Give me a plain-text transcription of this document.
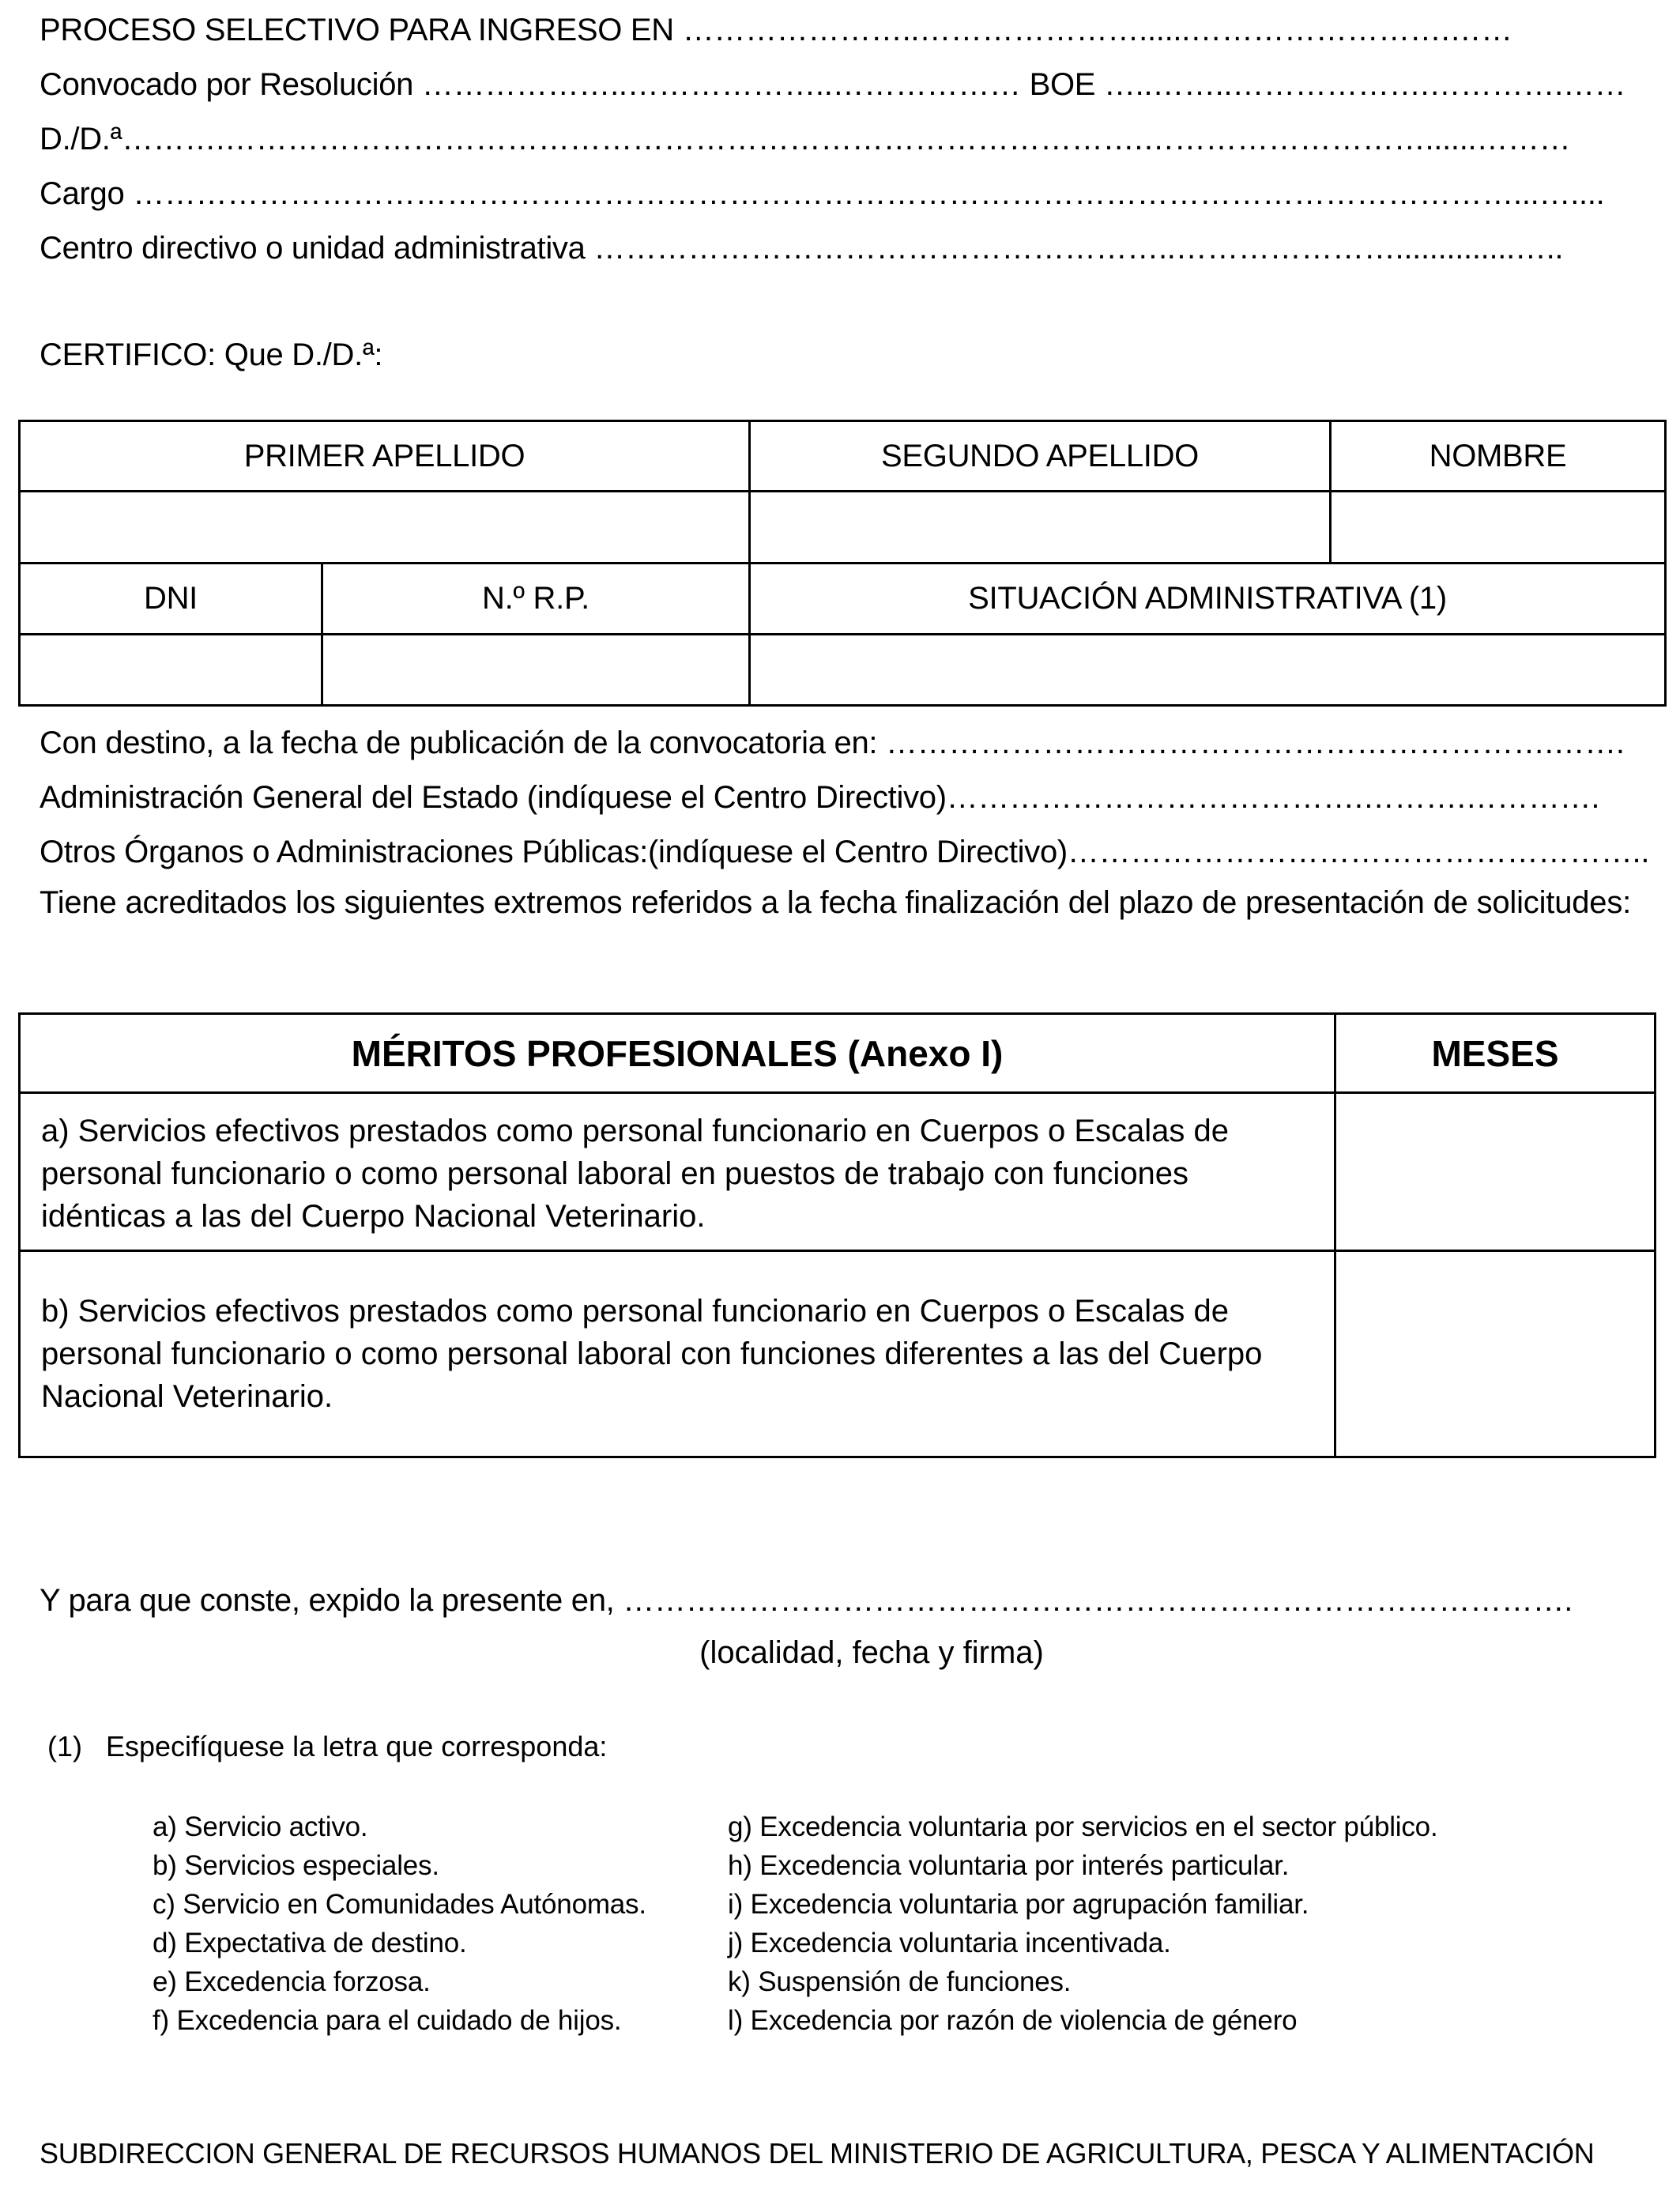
PROCESO SELECTIVO PARA INGRESO EN …………………..…………………......…………………….……
Convocado por Resolución ………………..………………..……………… BOE …..……..……………….………….……
D./D.ª……….…………………………………………………………………………….………………………......………
Cargo ……………………………………………………………………………………………………………………...…....
Centro directivo o unidad administrativa ………………………………………………..…………………..............…..
CERTIFICO: Que D./D.ª:
PRIMER APELLIDO		SEGUNDO APELLIDO	NOMBRE

DNI	N.º R.P.	SITUACIÓN ADMINISTRATIVA (1)	

Con destino, a la fecha de publicación de la convocatoria en: ……………………………………………………….…….
Administración General del Estado (indíquese el Centro Directivo)………………………………….……….………….
Otros Órganos o Administraciones Públicas:(indíquese el Centro Directivo)………………………………………………..
Tiene acreditados los siguientes extremos referidos a la fecha finalización del plazo de presentación de solicitudes:
MÉRITOS PROFESIONALES (Anexo I)	MESES
a) Servicios efectivos prestados como personal funcionario en Cuerpos o Escalas de personal funcionario o como personal laboral en puestos de trabajo con funciones idénticas a las del Cuerpo Nacional Veterinario.	
b) Servicios efectivos prestados como personal funcionario en Cuerpos o Escalas de personal funcionario o como personal laboral con funciones diferentes a las del Cuerpo Nacional Veterinario.	
Y para que conste, expido la presente en, ……………………………………………………………………………….
(localidad, fecha y firma)
(1) Especifíquese la letra que corresponda:
a) Servicio activo.
b) Servicios especiales.
c) Servicio en Comunidades Autónomas.
d) Expectativa de destino.
e) Excedencia forzosa.
f) Excedencia para el cuidado de hijos.
g) Excedencia voluntaria por servicios en el sector público.
h) Excedencia voluntaria por interés particular.
i) Excedencia voluntaria por agrupación familiar.
j) Excedencia voluntaria incentivada.
k) Suspensión de funciones.
l) Excedencia por razón de violencia de género
SUBDIRECCION GENERAL DE RECURSOS HUMANOS DEL MINISTERIO DE AGRICULTURA, PESCA Y ALIMENTACIÓN
